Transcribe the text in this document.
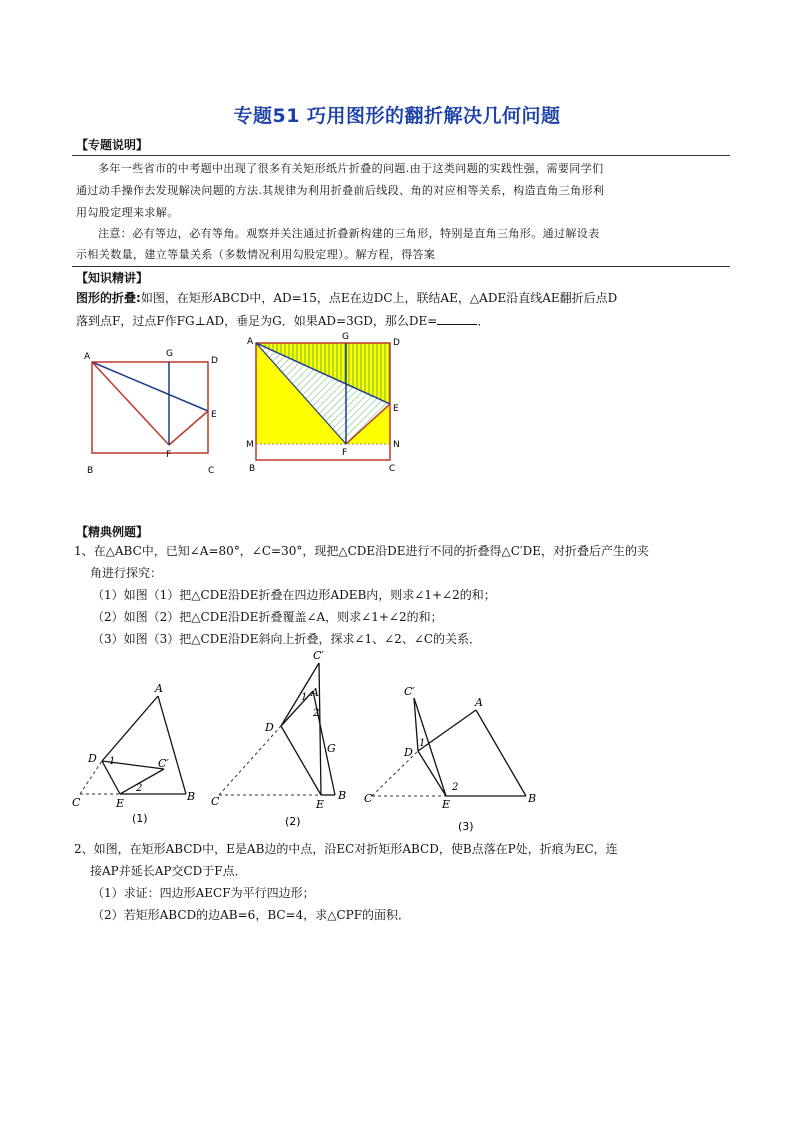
专题51 巧用图形的翻折解决几何问题
【专题说明】
多年一些省市的中考题中出现了很多有关矩形纸片折叠的问题.由于这类问题的实践性强，需要同学们
通过动手操作去发现解决问题的方法.其规律为利用折叠前后线段、角的对应相等关系，构造直角三角形利
用勾股定理来求解。
注意：必有等边，必有等角。观察并关注通过折叠新构建的三角形，特别是直角三角形。通过解设表
示相关数量，建立等量关系（多数情况利用勾股定理）。解方程，得答案
【知识精讲】
图形的折叠:如图，在矩形ABCD中，AD=15，点E在边DC上，联结AE，△ADE沿直线AE翻折后点D
落到点F，过点F作FG⊥AD，垂足为G．如果AD=3GD，那么DE=	．
A	G
D
E
F
B	C
A	G
D
E
M	N
F
B	C
【精典例题】
1、在△ABC中，已知∠A=80°，∠C=30°，现把△CDE沿DE进行不同的折叠得△C′DE，对折叠后产生的夹
角进行探究：
（1）如图（1）把△CDE沿DE折叠在四边形ADEB内，则求∠1+∠2的和；
（2）如图（2）把△CDE沿DE折叠覆盖∠A，则求∠1+∠2的和；
（3）如图（3）把△CDE沿DE斜向上折叠，探求∠1、∠2、∠C的关系．
A
D 1	C′
2
C	E
B
(1)
C′
A
1
2
D
G
C	E
B
(2)
C′
A
1
D
2
C	E	B
(3)
2、如图，在矩形ABCD中，E是AB边的中点，沿EC对折矩形ABCD，使B点落在P处，折痕为EC，连
接AP并延长AP交CD于F点．
（1）求证：四边形AECF为平行四边形；
（2）若矩形ABCD的边AB=6，BC=4，求△CPF的面积．
